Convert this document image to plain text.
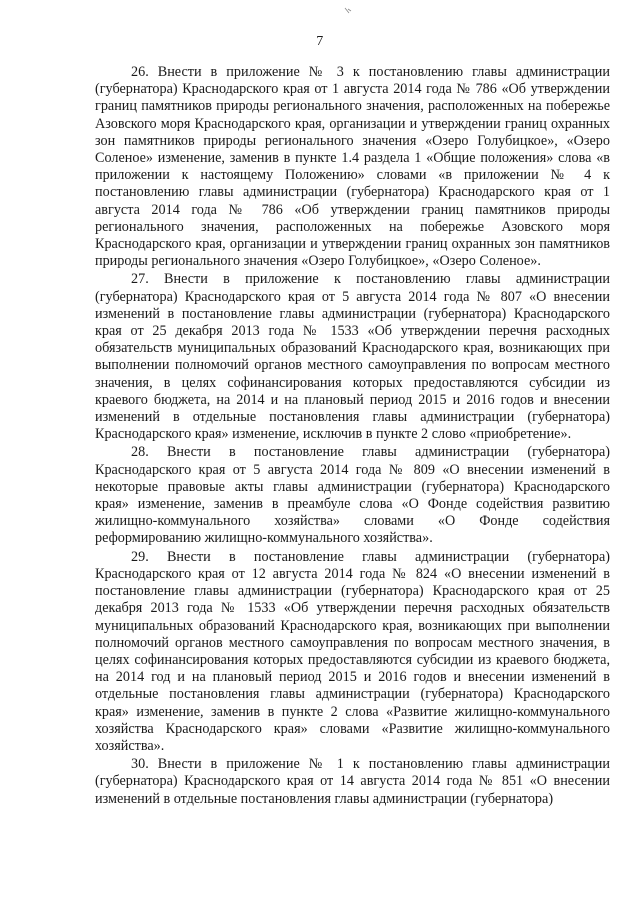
7

26. Внести в приложение № 3 к постановлению главы администрации (губернатора) Краснодарского края от 1 августа 2014 года № 786 «Об утверждении границ памятников природы регионального значения, расположенных на побережье Азовского моря Краснодарского края, организации и утверждении границ охранных зон памятников природы регионального значения «Озеро Голубицкое», «Озеро Соленое» изменение, заменив в пункте 1.4 раздела 1 «Общие положения» слова «в приложении к настоящему Положению» словами «в приложении № 4 к постановлению главы администрации (губернатора) Краснодарского края от 1 августа 2014 года № 786 «Об утверждении границ памятников природы регионального значения, расположенных на побережье Азовского моря Краснодарского края, организации и утверждении границ охранных зон памятников природы регионального значения «Озеро Голубицкое», «Озеро Соленое».

27. Внести в приложение к постановлению главы администрации (губернатора) Краснодарского края от 5 августа 2014 года № 807 «О внесении изменений в постановление главы администрации (губернатора) Краснодарского края от 25 декабря 2013 года № 1533 «Об утверждении перечня расходных обязательств муниципальных образований Краснодарского края, возникающих при выполнении полномочий органов местного самоуправления по вопросам местного значения, в целях софинансирования которых предоставляются субсидии из краевого бюджета, на 2014 и на плановый период 2015 и 2016 годов и внесении изменений в отдельные постановления главы администрации (губернатора) Краснодарского края» изменение, исключив в пункте 2 слово «приобретение».

28. Внести в постановление главы администрации (губернатора) Краснодарского края от 5 августа 2014 года № 809 «О внесении изменений в некоторые правовые акты главы администрации (губернатора) Краснодарского края» изменение, заменив в преамбуле слова «О Фонде содействия развитию жилищно-коммунального хозяйства» словами «О Фонде содействия реформированию жилищно-коммунального хозяйства».

29. Внести в постановление главы администрации (губернатора) Краснодарского края от 12 августа 2014 года № 824 «О внесении изменений в постановление главы администрации (губернатора) Краснодарского края от 25 декабря 2013 года № 1533 «Об утверждении перечня расходных обязательств муниципальных образований Краснодарского края, возникающих при выполнении полномочий органов местного самоуправления по вопросам местного значения, в целях софинансирования которых предоставляются субсидии из краевого бюджета, на 2014 год и на плановый период 2015 и 2016 годов и внесении изменений в отдельные постановления главы администрации (губернатора) Краснодарского края» изменение, заменив в пункте 2 слова «Развитие жилищно-коммунального хозяйства Краснодарского края» словами «Развитие жилищно-коммунального хозяйства».

30. Внести в приложение № 1 к постановлению главы администрации (губернатора) Краснодарского края от 14 августа 2014 года № 851 «О внесении изменений в отдельные постановления главы администрации (губернатора)
